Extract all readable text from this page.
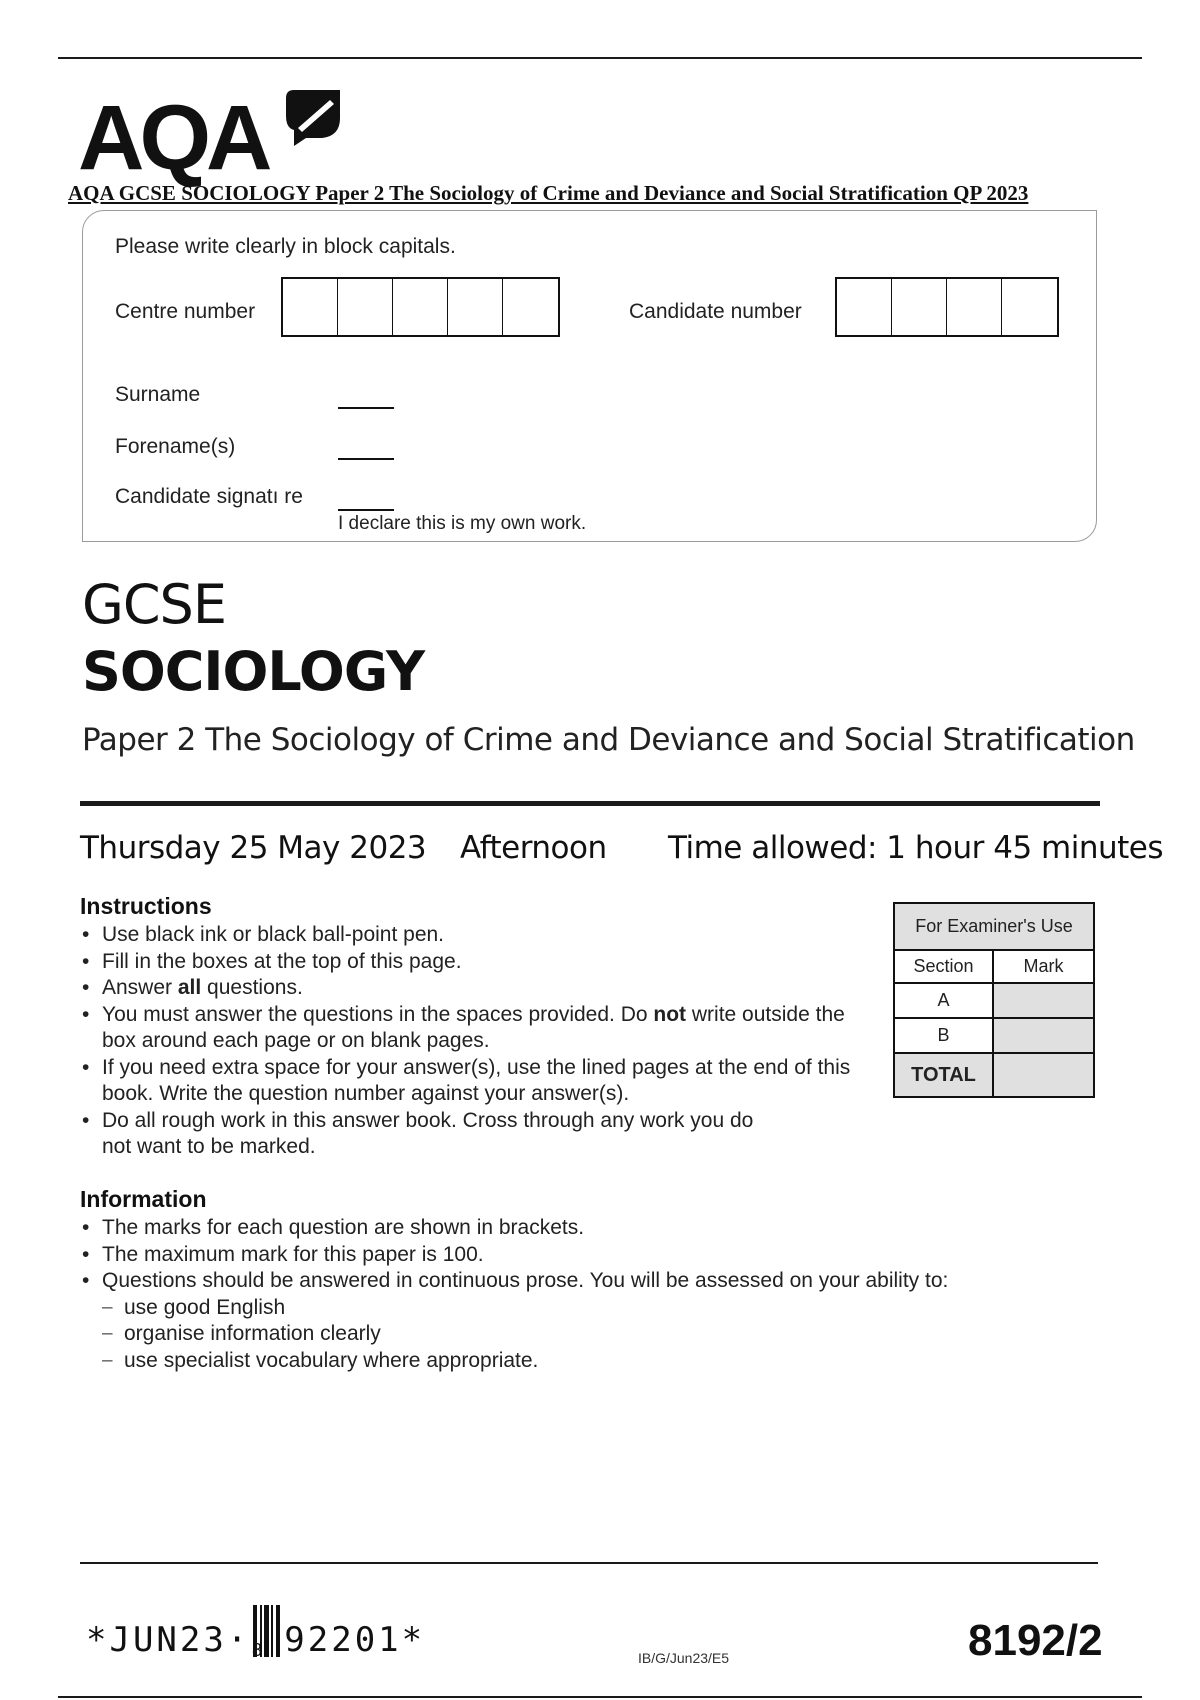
AQA
AQA GCSE SOCIOLOGY Paper 2 The Sociology of Crime and Deviance and Social Stratification QP 2023
Please write clearly in block capitals.
Centre number	Candidate number
Surname
Forename(s)
Candidate signatı re
I declare this is my own work.
GCSE
SOCIOLOGY
Paper 2 The Sociology of Crime and Deviance and Social Stratification
Thursday 25 May 2023 Afternoon Time allowed: 1 hour 45 minutes
Instructions
• Use black ink or black ball-point pen.
• Fill in the boxes at the top of this page.
• Answer all questions.
• You must answer the questions in the spaces provided. Do not write outside the box around each page or on blank pages.
• If you need extra space for your answer(s), use the lined pages at the end of this book. Write the question number against your answer(s).
• Do all rough work in this answer book. Cross through any work you do not want to be marked.
For Examiner's Use	
Section	Mark
A	
B	
TOTAL	
Information
• The marks for each question are shown in brackets.
• The maximum mark for this paper is 100.
• Questions should be answered in continuous prose. You will be assessed on your ability to:
– use good English
– organise information clearly
– use specialist vocabulary where appropriate.
*JUN23· 92201*
8	IB/G/Jun23/E5	8192/2
